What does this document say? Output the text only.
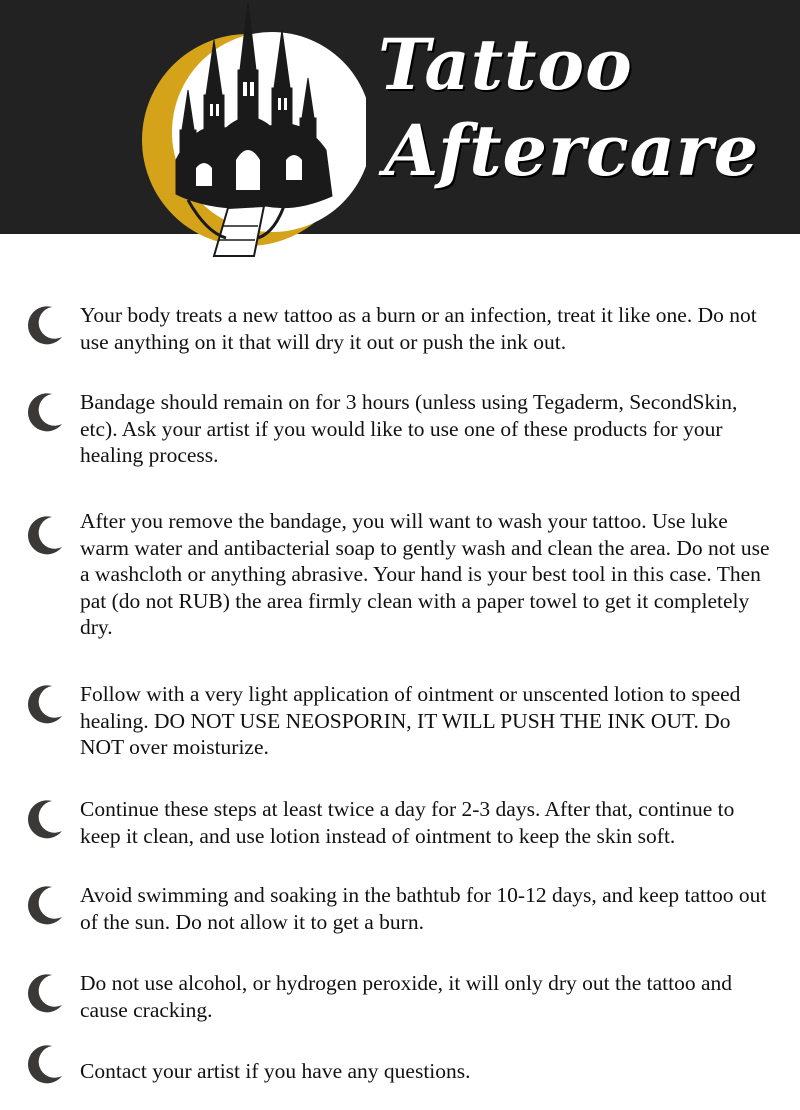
Tattoo
Aftercare
Your body treats a new tattoo as a burn or an infection, treat it like one. Do not use anything on it that will dry it out or push the ink out.
Bandage should remain on for 3 hours (unless using Tegaderm, SecondSkin, etc). Ask your artist if you would like to use one of these products for your healing process.
After you remove the bandage, you will want to wash your tattoo. Use luke warm water and antibacterial soap to gently wash and clean the area. Do not use a washcloth or anything abrasive. Your hand is your best tool in this case. Then pat (do not RUB) the area firmly clean with a paper towel to get it completely dry.
Follow with a very light application of ointment or unscented lotion to speed healing. DO NOT USE NEOSPORIN, IT WILL PUSH THE INK OUT. Do NOT over moisturize.
Continue these steps at least twice a day for 2-3 days. After that, continue to keep it clean, and use lotion instead of ointment to keep the skin soft.
Avoid swimming and soaking in the bathtub for 10-12 days, and keep tattoo out of the sun. Do not allow it to get a burn.
Do not use alcohol, or hydrogen peroxide, it will only dry out the tattoo and cause cracking.
Contact your artist if you have any questions.
